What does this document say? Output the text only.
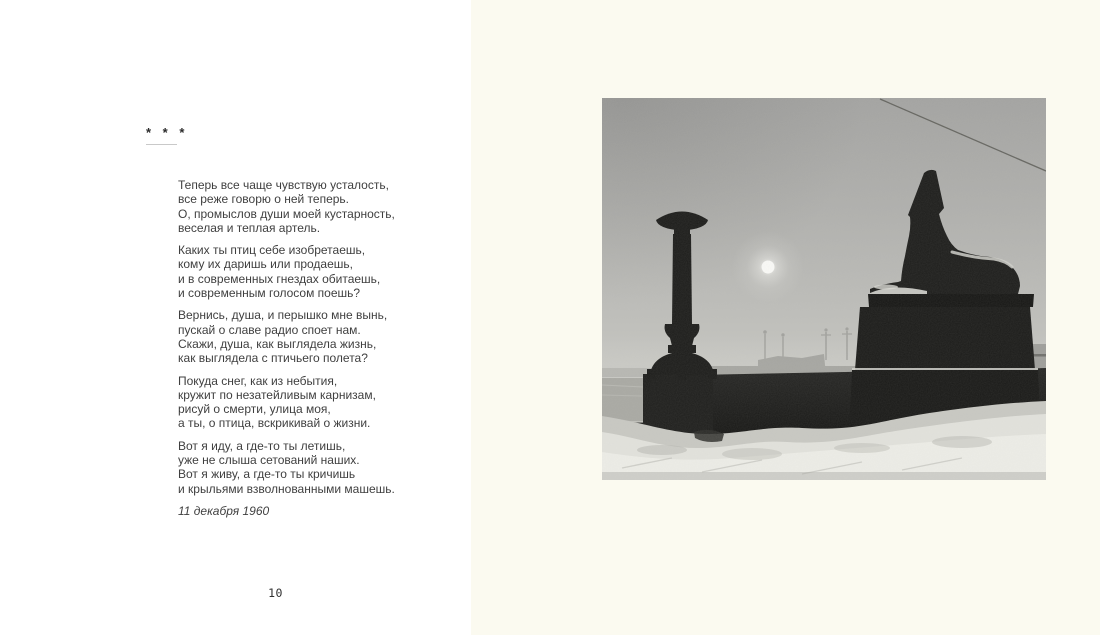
* * *
Теперь все чаще чувствую усталость,
все реже говорю о ней теперь.
О, промыслов души моей кустарность,
веселая и теплая артель.
Каких ты птиц себе изобретаешь,
кому их даришь или продаешь,
и в современных гнездах обитаешь,
и современным голосом поешь?
Вернись, душа, и перышко мне вынь,
пускай о славе радио споет нам.
Скажи, душа, как выглядела жизнь,
как выглядела с птичьего полета?
Покуда снег, как из небытия,
кружит по незатейливым карнизам,
рисуй о смерти, улица моя,
а ты, о птица, вскрикивай о жизни.
Вот я иду, а где-то ты летишь,
уже не слыша сетований наших.
Вот я живу, а где-то ты кричишь
и крыльями взволнованными машешь.
11 декабря 1960
10
